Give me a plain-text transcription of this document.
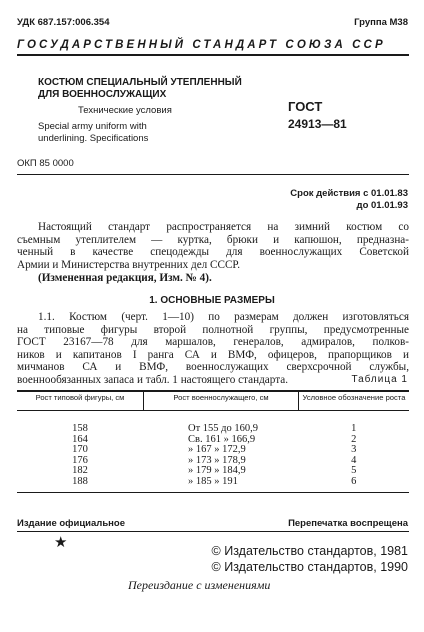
УДК 687.157:006.354	Группа М38
ГОСУДАРСТВЕННЫЙ СТАНДАРТ СОЮЗА ССР
КОСТЮМ СПЕЦИАЛЬНЫЙ УТЕПЛЕННЫЙ
ДЛЯ ВОЕННОСЛУЖАЩИХ
Технические условия
Special army uniform with
underlining. Specifications
ГОСТ
24913—81
ОКП 85 0000
Срок действия с 01.01.83
до 01.01.93
Настоящий стандарт распространяется на зимний костюм со
съемным утеплителем — куртка, брюки и капюшон, предназна-
ченный в качестве спецодежды для военнослужащих Советской
Армии и Министерства внутренних дел СССР.
(Измененная редакция, Изм. № 4).
1. ОСНОВНЫЕ РАЗМЕРЫ
1.1. Костюм (черт. 1—10) по размерам должен изготовляться
на типовые фигуры второй полнотной группы, предусмотренные
ГОСТ 23167—78 для маршалов, генералов, адмиралов, полков-
ников и капитанов I ранга СА и ВМФ, офицеров, прапорщиков и
мичманов СА и ВМФ, военнослужащих сверхсрочной службы,
военнообязанных запаса и табл. 1 настоящего стандарта.	Таблица 1
Рост типовой фигуры, см	Рост военнослужащего, см	Условное обозначение роста
158	От 155 до 160,9	1
164	Св. 161 » 166,9	2
170	» 167 » 172,9	3
176	» 173 » 178,9	4
182	» 179 » 184,9	5
188	» 185 » 191	6
Издание официальное	Перепечатка воспрещена
★	© Издательство стандартов, 1981
© Издательство стандартов, 1990
Переиздание с изменениями
